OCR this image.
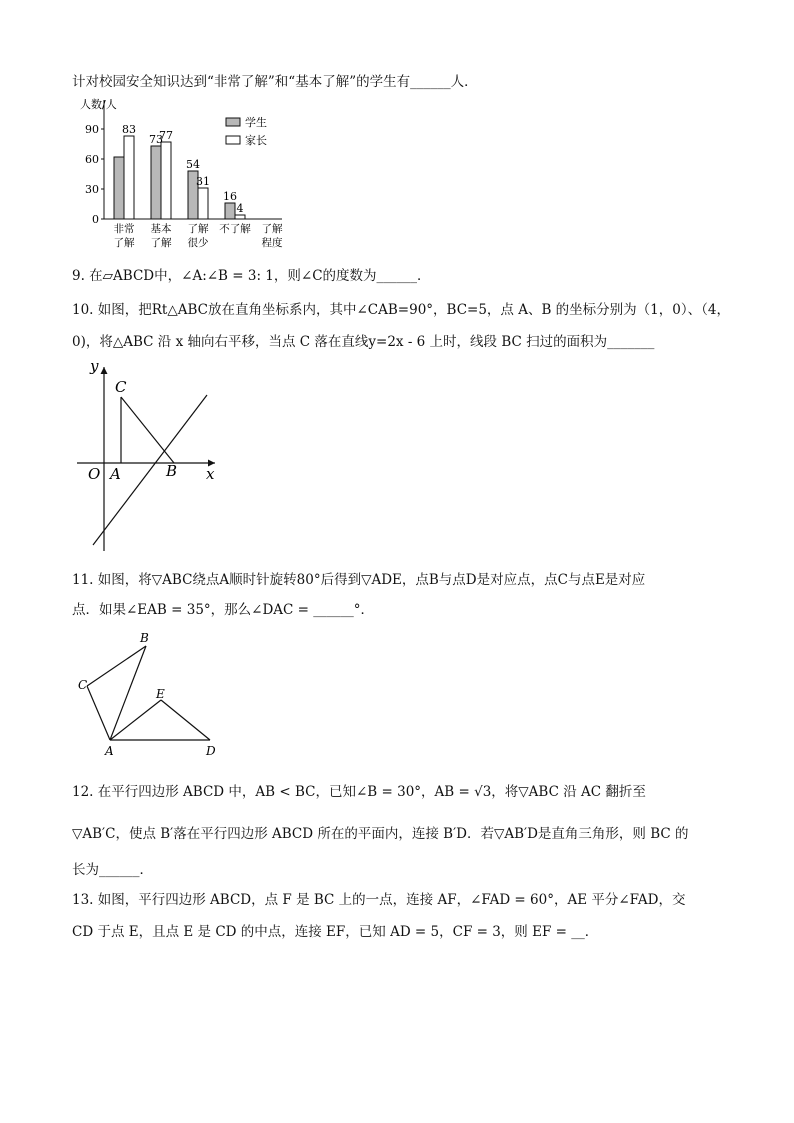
计对校园安全知识达到“非常了解”和“基本了解”的学生有______人．
人数/人
0
30
60
90 83
73
77
54
31
16
4
非常
了解
基本
了解
了解
很少
不了解 了解
程度
学生
家长
9. 在▱ABCD中，∠A:∠B = 3: 1，则∠C的度数为______．
10. 如图，把Rt△ABC放在直角坐标系内，其中∠CAB=90°，BC=5，点 A、B 的坐标分别为（1，0）、（4，
0)，将△ABC 沿 x 轴向右平移，当点 C 落在直线y=2x - 6 上时，线段 BC 扫过的面积为_______
y
x
O A	B
C
11. 如图，将▽ABC绕点A顺时针旋转80°后得到▽ADE，点B与点D是对应点，点C与点E是对应
点．如果∠EAB = 35°，那么∠DAC = ______°．
B
C
E
A	D
12. 在平行四边形 ABCD 中，AB < BC，已知∠B = 30°，AB = √3，将▽ABC 沿 AC 翻折至
▽AB′C，使点 B′落在平行四边形 ABCD 所在的平面内，连接 B′D．若▽AB′D是直角三角形，则 BC 的
长为______．
13. 如图，平行四边形 ABCD，点 F 是 BC 上的一点，连接 AF，∠FAD = 60°，AE 平分∠FAD，交
CD 于点 E，且点 E 是 CD 的中点，连接 EF，已知 AD = 5，CF = 3，则 EF = __．
